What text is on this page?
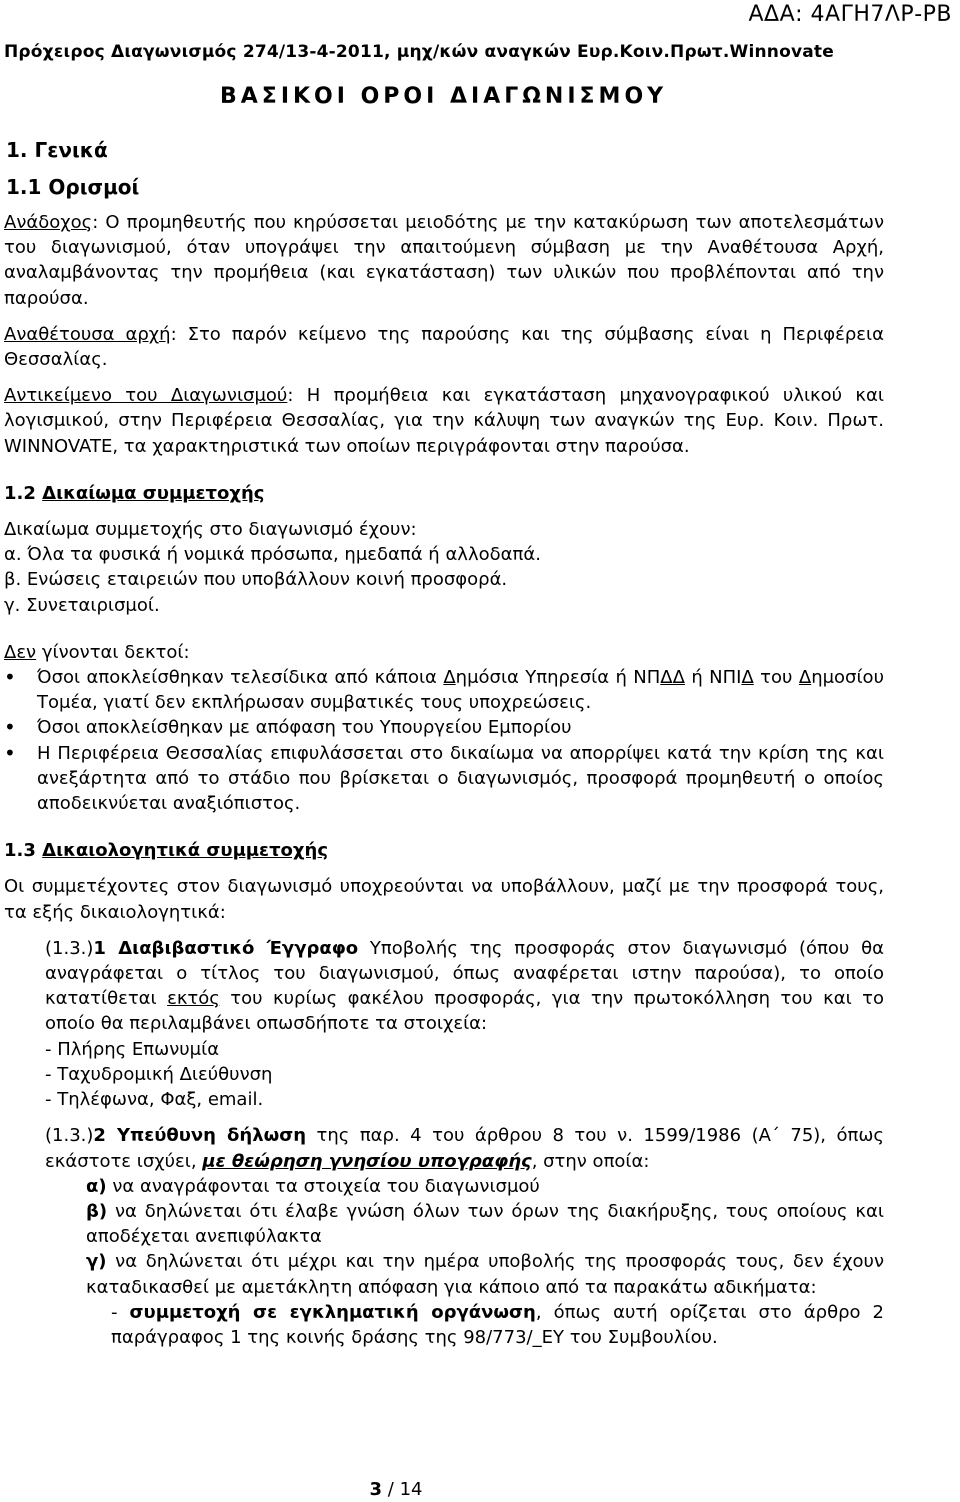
ΑΔΑ: 4ΑΓΗ7ΛΡ-ΡΒ
Πρόχειρος Διαγωνισμός 274/13-4-2011, μηχ/κών αναγκών Ευρ.Κοιν.Πρωτ.Winnovate
ΒΑΣΙΚΟΙ ΟΡΟΙ ΔΙΑΓΩΝΙΣΜΟΥ
1. Γενικά
1.1 Ορισμοί

Ανάδοχος: Ο προμηθευτής που κηρύσσεται μειοδότης με την κατακύρωση των αποτελεσμάτων του διαγωνισμού, όταν υπογράψει την απαιτούμενη σύμβαση με την Αναθέτουσα Αρχή, αναλαμβάνοντας την προμήθεια (και εγκατάσταση) των υλικών που προβλέπονται από την παρούσα.

Αναθέτουσα αρχή: Στο παρόν κείμενο της παρούσης και της σύμβασης είναι η Περιφέρεια Θεσσαλίας.

Αντικείμενο του Διαγωνισμού: Η προμήθεια και εγκατάσταση μηχανογραφικού υλικού και λογισμικού, στην Περιφέρεια Θεσσαλίας, για την κάλυψη των αναγκών της Ευρ. Κοιν. Πρωτ. WINNOVATE, τα χαρακτηριστικά των οποίων περιγράφονται στην παρούσα.

1.2 Δικαίωμα συμμετοχής

Δικαίωμα συμμετοχής στο διαγωνισμό έχουν:

α. Όλα τα φυσικά ή νομικά πρόσωπα, ημεδαπά ή αλλοδαπά.

β. Ενώσεις εταιρειών που υποβάλλουν κοινή προσφορά.

γ. Συνεταιρισμοί.

Δεν γίνονται δεκτοί:

• Όσοι αποκλείσθηκαν τελεσίδικα από κάποια Δημόσια Υπηρεσία ή ΝΠΔΔ ή ΝΠΙΔ του Δημοσίου Τομέα, γιατί δεν εκπλήρωσαν συμβατικές τους υποχρεώσεις.
• Όσοι αποκλείσθηκαν με απόφαση του Υπουργείου Εμπορίου
• Η Περιφέρεια Θεσσαλίας επιφυλάσσεται στο δικαίωμα να απορρίψει κατά την κρίση της και ανεξάρτητα από το στάδιο που βρίσκεται ο διαγωνισμός, προσφορά προμηθευτή ο οποίος αποδεικνύεται αναξιόπιστος.

1.3 Δικαιολογητικά συμμετοχής

Οι συμμετέχοντες στον διαγωνισμό υποχρεούνται να υποβάλλουν, μαζί με την προσφορά τους, τα εξής δικαιολογητικά:

(1.3.)1 Διαβιβαστικό Έγγραφο Υποβολής της προσφοράς στον διαγωνισμό (όπου θα αναγράφεται ο τίτλος του διαγωνισμού, όπως αναφέρεται ιστην παρούσα), το οποίο κατατίθεται εκτός του κυρίως φακέλου προσφοράς, για την πρωτοκόλληση του και το οποίο θα περιλαμβάνει οπωσδήποτε τα στοιχεία:

- Πλήρης Επωνυμία

- Ταχυδρομική Διεύθυνση

- Τηλέφωνα, Φαξ, email.

(1.3.)2 Υπεύθυνη δήλωση της παρ. 4 του άρθρου 8 του ν. 1599/1986 (Α΄ 75), όπως εκάστοτε ισχύει, με θεώρηση γνησίου υπογραφής, στην οποία:

α) να αναγράφονται τα στοιχεία του διαγωνισμού

β) να δηλώνεται ότι έλαβε γνώση όλων των όρων της διακήρυξης, τους οποίους και αποδέχεται ανεπιφύλακτα

γ) να δηλώνεται ότι μέχρι και την ημέρα υποβολής της προσφοράς τους, δεν έχουν καταδικασθεί με αμετάκλητη απόφαση για κάποιο από τα παρακάτω αδικήματα:

- συμμετοχή σε εγκληματική οργάνωση, όπως αυτή ορίζεται στο άρθρο 2 παράγραφος 1 της κοινής δράσης της 98/773/_ΕΥ του Συμβουλίου.

3 / 14
